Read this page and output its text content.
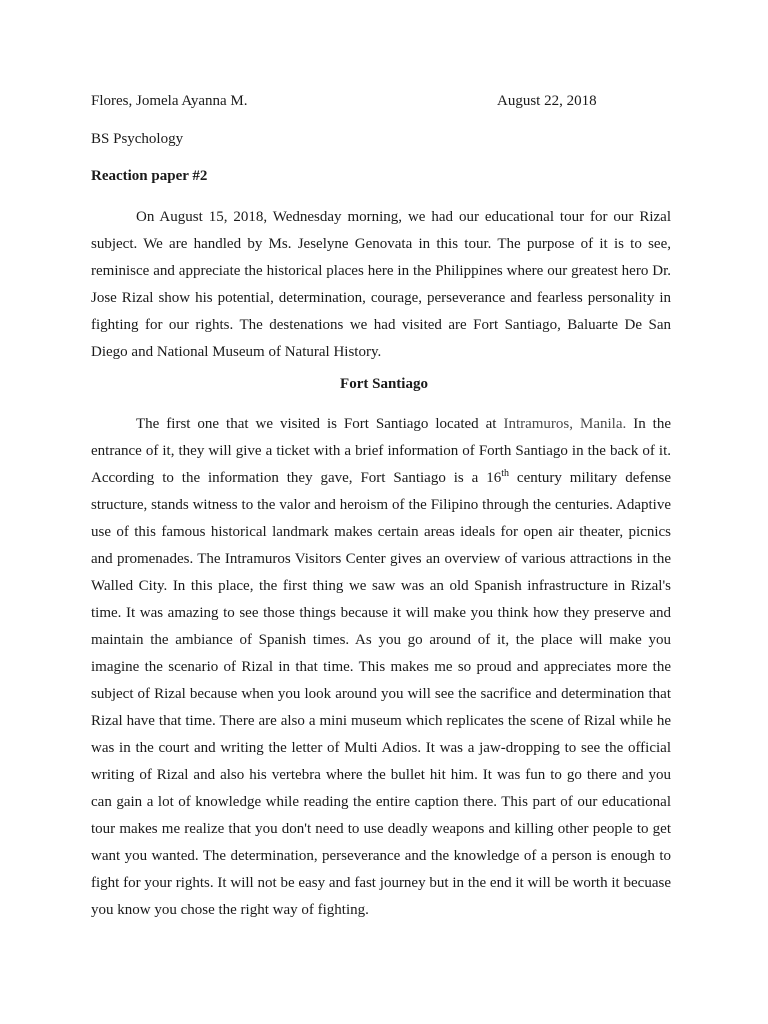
Flores, Jomela Ayanna M.	August 22, 2018
BS Psychology
Reaction paper #2

On August 15, 2018, Wednesday morning, we had our educational tour for our Rizal subject. We are handled by Ms. Jeselyne Genovata in this tour. The purpose of it is to see, reminisce and appreciate the historical places here in the Philippines where our greatest hero Dr. Jose Rizal show his potential, determination, courage, perseverance and fearless personality in fighting for our rights. The destenations we had visited are Fort Santiago, Baluarte De San Diego and National Museum of Natural History.

Fort Santiago

The first one that we visited is Fort Santiago located at Intramuros, Manila. In the entrance of it, they will give a ticket with a brief information of Forth Santiago in the back of it. According to the information they gave, Fort Santiago is a 16th century military defense structure, stands witness to the valor and heroism of the Filipino through the centuries. Adaptive use of this famous historical landmark makes certain areas ideals for open air theater, picnics and promenades. The Intramuros Visitors Center gives an overview of various attractions in the Walled City. In this place, the first thing we saw was an old Spanish infrastructure in Rizal's time. It was amazing to see those things because it will make you think how they preserve and maintain the ambiance of Spanish times. As you go around of it, the place will make you imagine the scenario of Rizal in that time. This makes me so proud and appreciates more the subject of Rizal because when you look around you will see the sacrifice and determination that Rizal have that time. There are also a mini museum which replicates the scene of Rizal while he was in the court and writing the letter of Multi Adios. It was a jaw-dropping to see the official writing of Rizal and also his vertebra where the bullet hit him. It was fun to go there and you can gain a lot of knowledge while reading the entire caption there. This part of our educational tour makes me realize that you don't need to use deadly weapons and killing other people to get want you wanted. The determination, perseverance and the knowledge of a person is enough to fight for your rights. It will not be easy and fast journey but in the end it will be worth it becuase you know you chose the right way of fighting.
